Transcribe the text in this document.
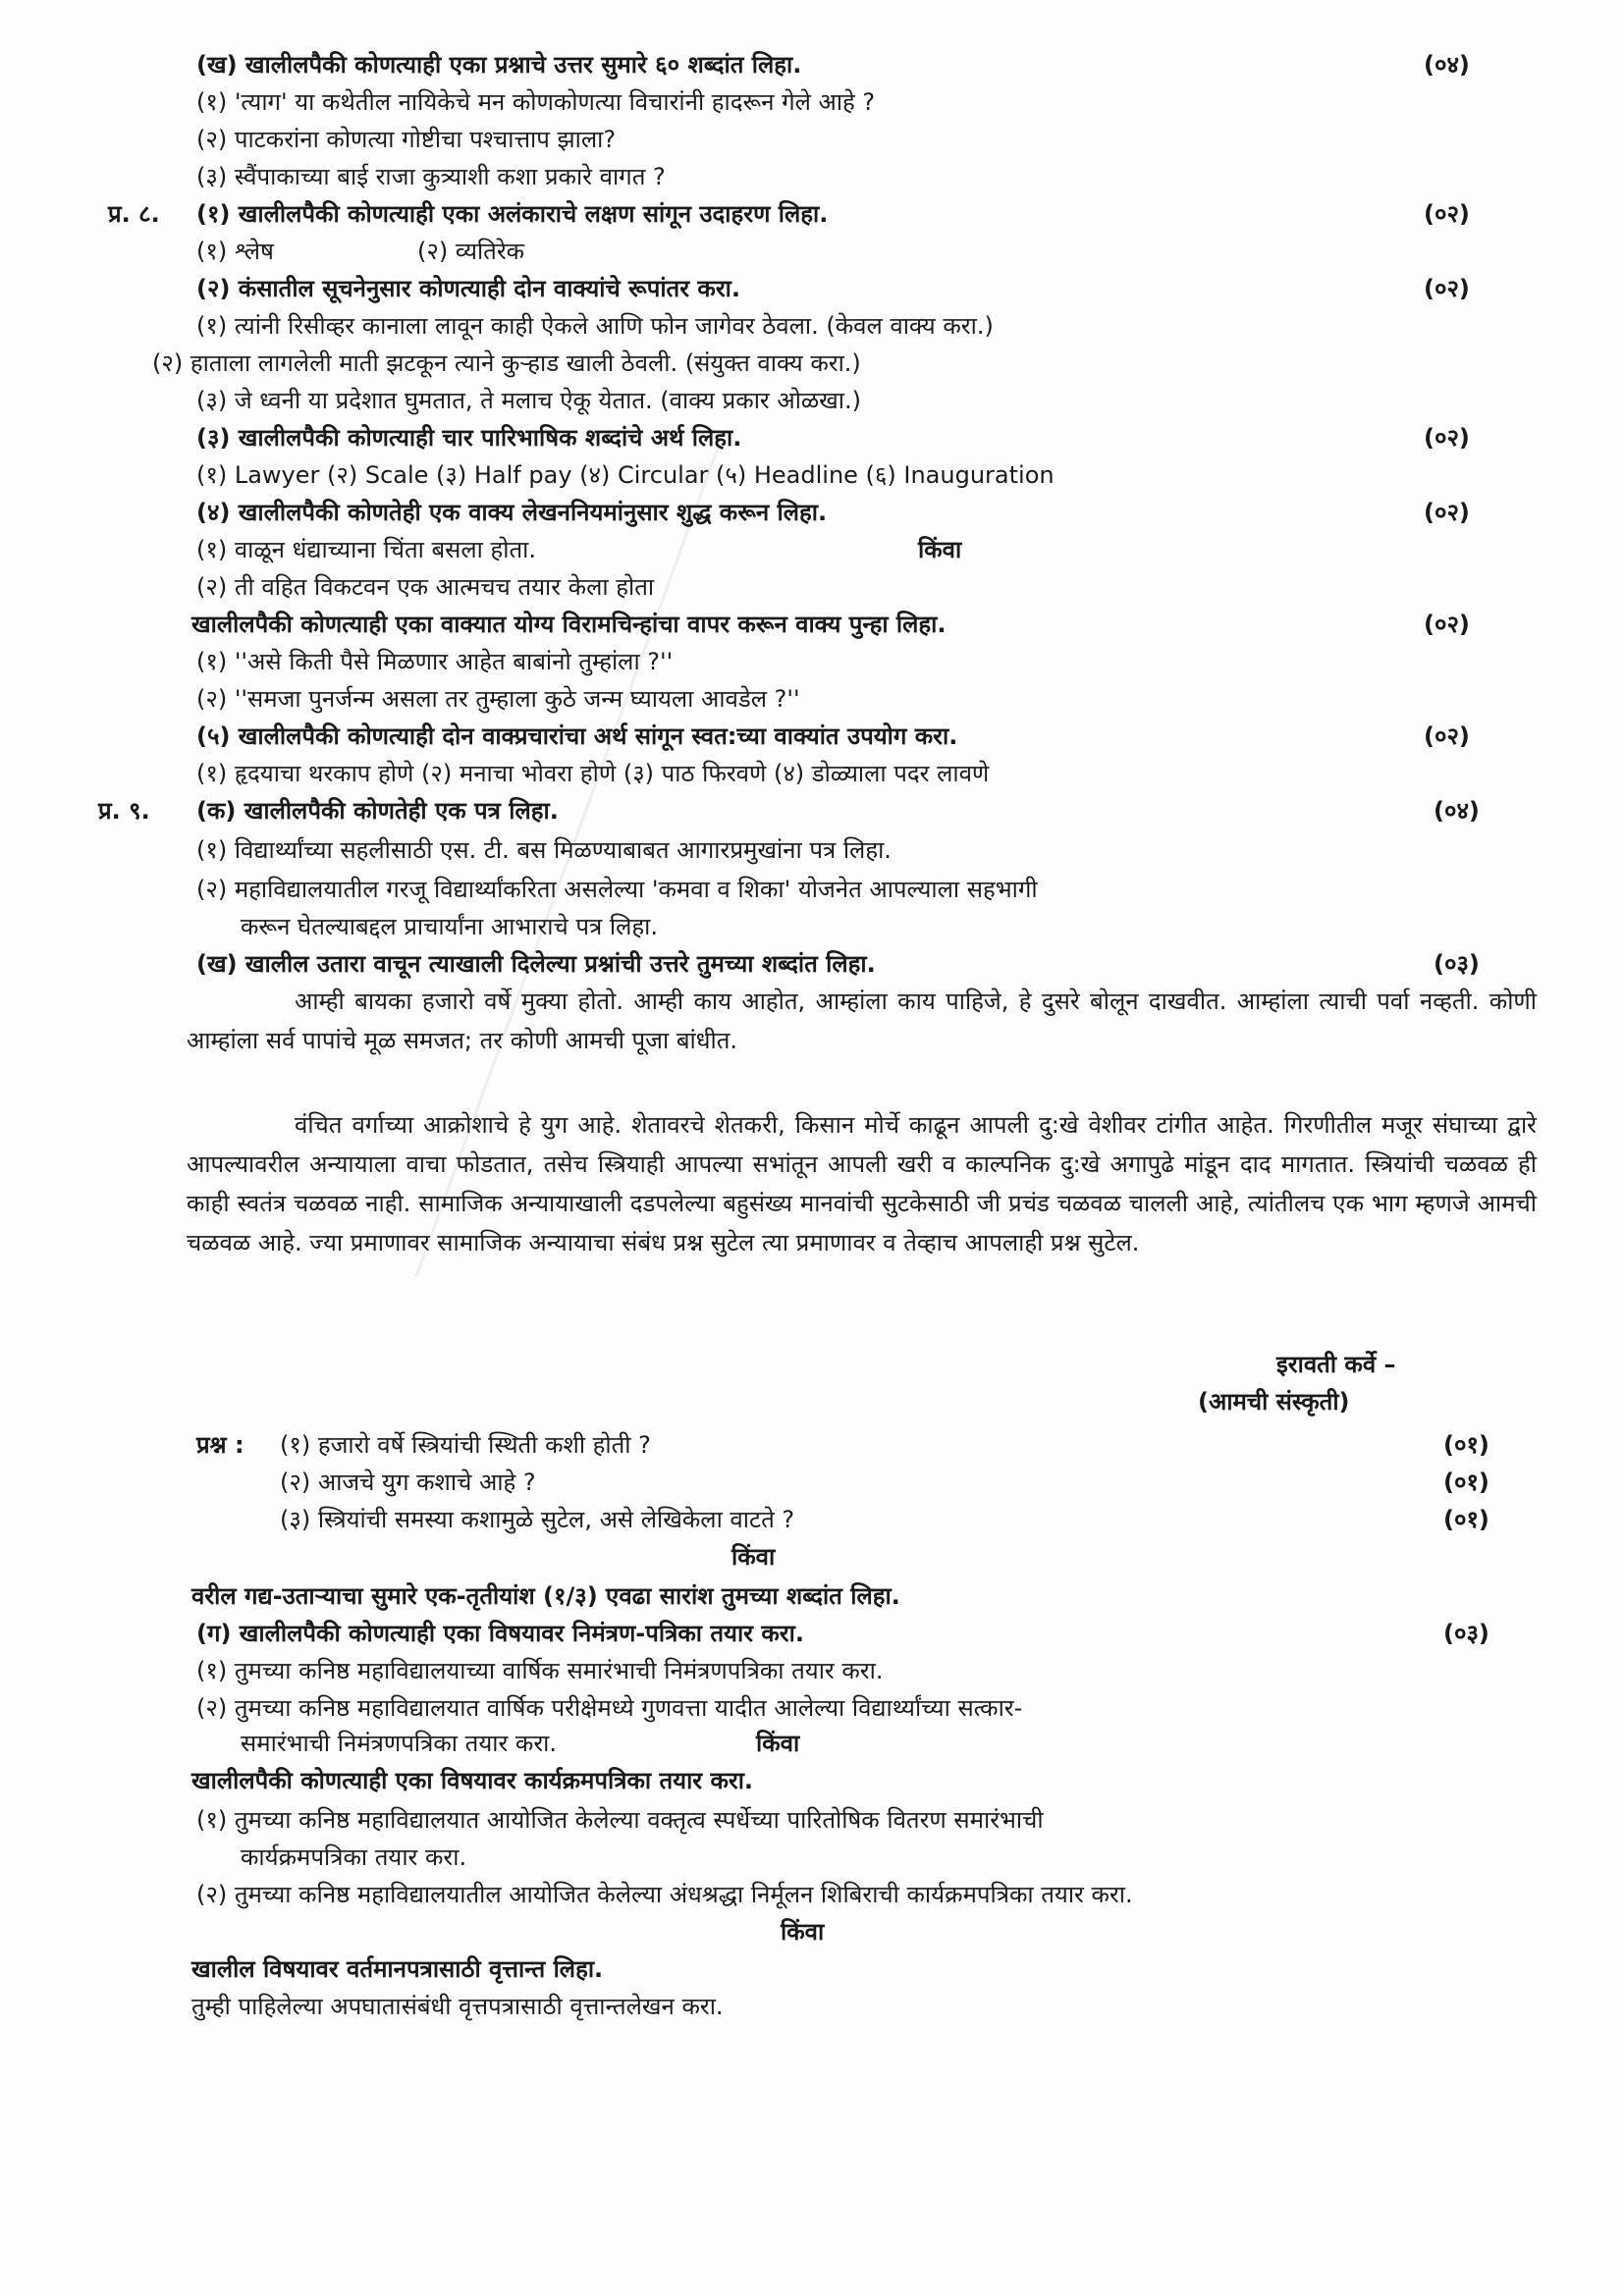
(ख) खालीलपैकी कोणत्याही एका प्रश्नाचे उत्तर सुमारे ६० शब्दांत लिहा.	(०४)
(१) 'त्याग' या कथेतील नायिकेचे मन कोणकोणत्या विचारांनी हादरून गेले आहे ?
(२) पाटकरांना कोणत्या गोष्टीचा पश्चात्ताप झाला?
(३) स्वैंपाकाच्या बाई राजा कुत्र्याशी कशा प्रकारे वागत ?
प्र. ८. (१) खालीलपैकी कोणत्याही एका अलंकाराचे लक्षण सांगून उदाहरण लिहा.	(०२)
(१) श्लेष	(२) व्यतिरेक
(२) कंसातील सूचनेनुसार कोणत्याही दोन वाक्यांचे रूपांतर करा.	(०२)
(१) त्यांनी रिसीव्हर कानाला लावून काही ऐकले आणि फोन जागेवर ठेवला. (केवल वाक्य करा.)
(२) हाताला लागलेली माती झटकून त्याने कुऱ्हाड खाली ठेवली. (संयुक्त वाक्य करा.)
(३) जे ध्वनी या प्रदेशात घुमतात, ते मलाच ऐकू येतात. (वाक्य प्रकार ओळखा.)
(३) खालीलपैकी कोणत्याही चार पारिभाषिक शब्दांचे अर्थ लिहा.	(०२)
(१) Lawyer (२) Scale (३) Half pay (४) Circular (५) Headline (६) Inauguration
(४) खालीलपैकी कोणतेही एक वाक्य लेखननियमांनुसार शुद्ध करून लिहा.	(०२)
(१) वाळून धंद्याच्याना चिंता बसला होता.	किंवा
(२) ती वहित विकटवन एक आत्मचच तयार केला होता
खालीलपैकी कोणत्याही एका वाक्यात योग्य विरामचिन्हांचा वापर करून वाक्य पुन्हा लिहा.	(०२)
(१) ''असे किती पैसे मिळणार आहेत बाबांनो तुम्हांला ?''
(२) ''समजा पुनर्जन्म असला तर तुम्हाला कुठे जन्म घ्यायला आवडेल ?''
(५) खालीलपैकी कोणत्याही दोन वाक्प्रचारांचा अर्थ सांगून स्वत:च्या वाक्यांत उपयोग करा.	(०२)
(१) हृदयाचा थरकाप होणे (२) मनाचा भोवरा होणे (३) पाठ फिरवणे (४) डोळ्याला पदर लावणे
प्र. ९. (क) खालीलपैकी कोणतेही एक पत्र लिहा.	(०४)
(१) विद्यार्थ्यांच्या सहलीसाठी एस. टी. बस मिळण्याबाबत आगारप्रमुखांना पत्र लिहा.
(२) महाविद्यालयातील गरजू विद्यार्थ्यांकरिता असलेल्या 'कमवा व शिका' योजनेत आपल्याला सहभागी
करून घेतल्याबद्दल प्राचार्यांना आभाराचे पत्र लिहा.
(ख) खालील उतारा वाचून त्याखाली दिलेल्या प्रश्नांची उत्तरे तुमच्या शब्दांत लिहा.	(०३)
आम्ही बायका हजारो वर्षे मुक्या होतो. आम्ही काय आहोत, आम्हांला काय पाहिजे, हे दुसरे बोलून दाखवीत. आम्हांला त्याची पर्वा नव्हती. कोणी आम्हांला सर्व पापांचे मूळ समजत; तर कोणी आमची पूजा बांधीत.
वंचित वर्गाच्या आक्रोशाचे हे युग आहे. शेतावरचे शेतकरी, किसान मोर्चे काढून आपली दु:खे वेशीवर टांगीत आहेत. गिरणीतील मजूर संघाच्या द्वारे आपल्यावरील अन्यायाला वाचा फोडतात, तसेच स्त्रियाही आपल्या सभांतून आपली खरी व काल्पनिक दु:खे अगापुढे मांडून दाद मागतात. स्त्रियांची चळवळ ही काही स्वतंत्र चळवळ नाही. सामाजिक अन्यायाखाली दडपलेल्या बहुसंख्य मानवांची सुटकेसाठी जी प्रचंड चळवळ चालली आहे, त्यांतीलच एक भाग म्हणजे आमची चळवळ आहे. ज्या प्रमाणावर सामाजिक अन्यायाचा संबंध प्रश्न सुटेल त्या प्रमाणावर व तेव्हाच आपलाही प्रश्न सुटेल.
इरावती कर्वे –
(आमची संस्कृती)
प्रश्न : (१) हजारो वर्षे स्त्रियांची स्थिती कशी होती ?	(०१)
(२) आजचे युग कशाचे आहे ?	(०१)
(३) स्त्रियांची समस्या कशामुळे सुटेल, असे लेखिकेला वाटते ?	(०१)
किंवा
वरील गद्य-उताऱ्याचा सुमारे एक-तृतीयांश (१/३) एवढा सारांश तुमच्या शब्दांत लिहा.
(ग) खालीलपैकी कोणत्याही एका विषयावर निमंत्रण-पत्रिका तयार करा.	(०३)
(१) तुमच्या कनिष्ठ महाविद्यालयाच्या वार्षिक समारंभाची निमंत्रणपत्रिका तयार करा.
(२) तुमच्या कनिष्ठ महाविद्यालयात वार्षिक परीक्षेमध्ये गुणवत्ता यादीत आलेल्या विद्यार्थ्यांच्या सत्कार-
समारंभाची निमंत्रणपत्रिका तयार करा.	किंवा
खालीलपैकी कोणत्याही एका विषयावर कार्यक्रमपत्रिका तयार करा.
(१) तुमच्या कनिष्ठ महाविद्यालयात आयोजित केलेल्या वक्तृत्व स्पर्धेच्या पारितोषिक वितरण समारंभाची
कार्यक्रमपत्रिका तयार करा.
(२) तुमच्या कनिष्ठ महाविद्यालयातील आयोजित केलेल्या अंधश्रद्धा निर्मूलन शिबिराची कार्यक्रमपत्रिका तयार करा.
किंवा
खालील विषयावर वर्तमानपत्रासाठी वृत्तान्त लिहा.
तुम्ही पाहिलेल्या अपघातासंबंधी वृत्तपत्रासाठी वृत्तान्तलेखन करा.
